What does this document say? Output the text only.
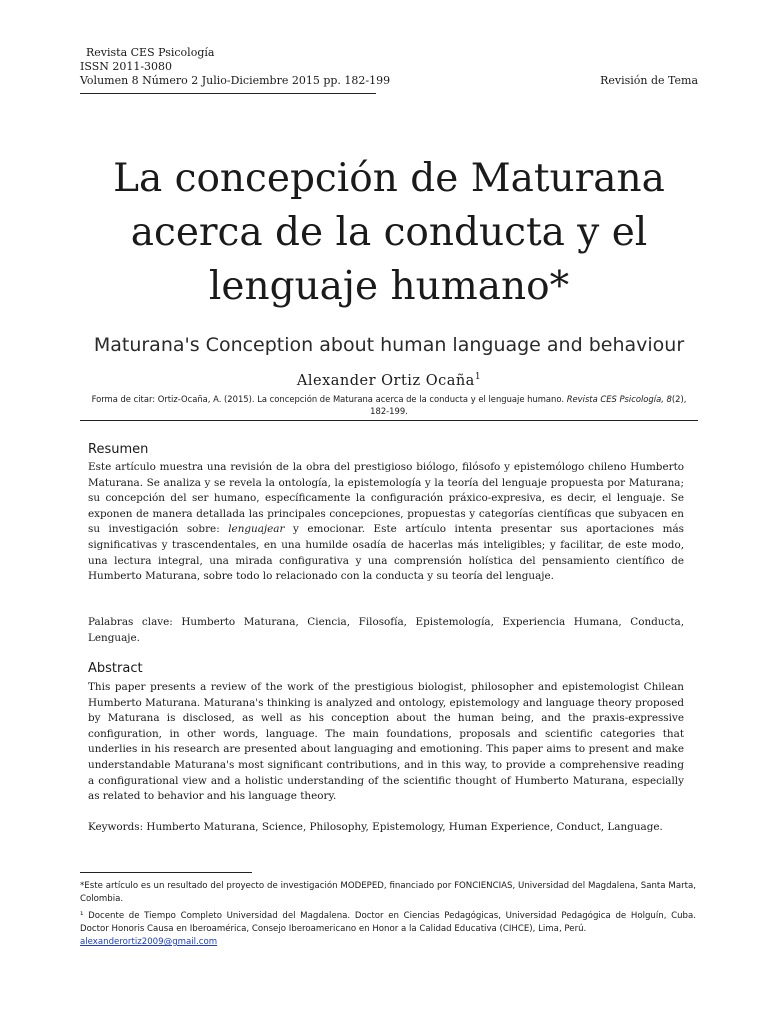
Revista CES Psicología
ISSN 2011-3080
Volumen 8 Número 2 Julio-Diciembre 2015 pp. 182-199	Revisión de Tema
La concepción de Maturana
acerca de la conducta y el
lenguaje humano*
Maturana's Conception about human language and behaviour
Alexander Ortiz Ocaña$^1$
Forma de citar: Ortiz-Ocaña, A. (2015). La concepción de Maturana acerca de la conducta y el lenguaje humano. Revista CES Psicología, 8(2),
182-199.
Resumen

Este artículo muestra una revisión de la obra del prestigioso biólogo, filósofo y epistemólogo chileno Humberto Maturana. Se analiza y se revela la ontología, la epistemología y la teoría del lenguaje propuesta por Maturana; su concepción del ser humano, específicamente la configuración práxico-expresiva, es decir, el lenguaje. Se exponen de manera detallada las principales concepciones, propuestas y categorías científicas que subyacen en su investigación sobre: lenguajear y emocionar. Este artículo intenta presentar sus aportaciones más significativas y trascendentales, en una humilde osadía de hacerlas más inteligibles; y facilitar, de este modo, una lectura integral, una mirada configurativa y una comprensión holística del pensamiento científico de Humberto Maturana, sobre todo lo relacionado con la conducta y su teoría del lenguaje.

Palabras clave: Humberto Maturana, Ciencia, Filosofía, Epistemología, Experiencia Humana, Conducta, Lenguaje.

Abstract

This paper presents a review of the work of the prestigious biologist, philosopher and epistemologist Chilean Humberto Maturana. Maturana's thinking is analyzed and ontology, epistemology and language theory proposed by Maturana is disclosed, as well as his conception about the human being, and the praxis-expressive configuration, in other words, language. The main foundations, proposals and scientific categories that underlies in his research are presented about languaging and emotioning. This paper aims to present and make understandable Maturana's most significant contributions, and in this way, to provide a comprehensive reading a configurational view and a holistic understanding of the scientific thought of Humberto Maturana, especially as related to behavior and his language theory.

Keywords: Humberto Maturana, Science, Philosophy, Epistemology, Human Experience, Conduct, Language.

*Este artículo es un resultado del proyecto de investigación MODEPED, financiado por FONCIENCIAS, Universidad del Magdalena, Santa Marta, Colombia.

¹ Docente de Tiempo Completo Universidad del Magdalena. Doctor en Ciencias Pedagógicas, Universidad Pedagógica de Holguín, Cuba. Doctor Honoris Causa en Iberoamérica, Consejo Iberoamericano en Honor a la Calidad Educativa (CIHCE), Lima, Perú.
alexanderortiz2009@gmail.com
